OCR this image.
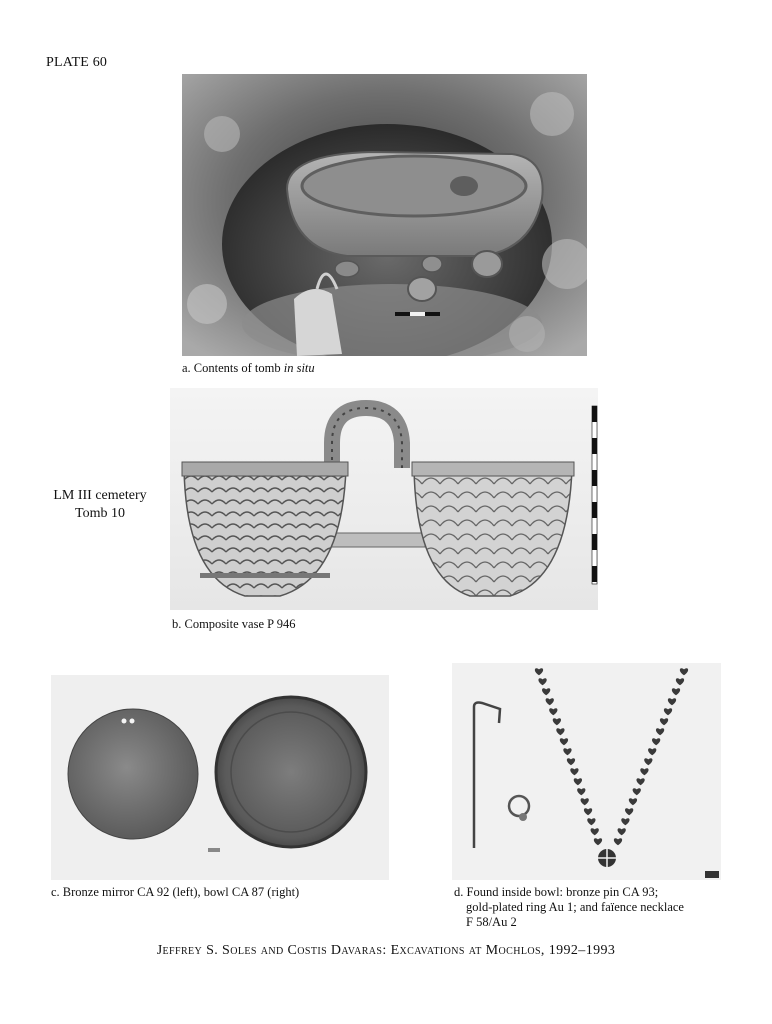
PLATE 60
a. Contents of tomb in situ
LM III cemetery
Tomb 10
b. Composite vase P 946
c. Bronze mirror CA 92 (left), bowl CA 87 (right)	d. Found inside bowl: bronze pin CA 93;
gold-plated ring Au 1; and faïence necklace
F 58/Au 2
Jeffrey S. Soles and Costis Davaras: Excavations at Mochlos, 1992–1993
